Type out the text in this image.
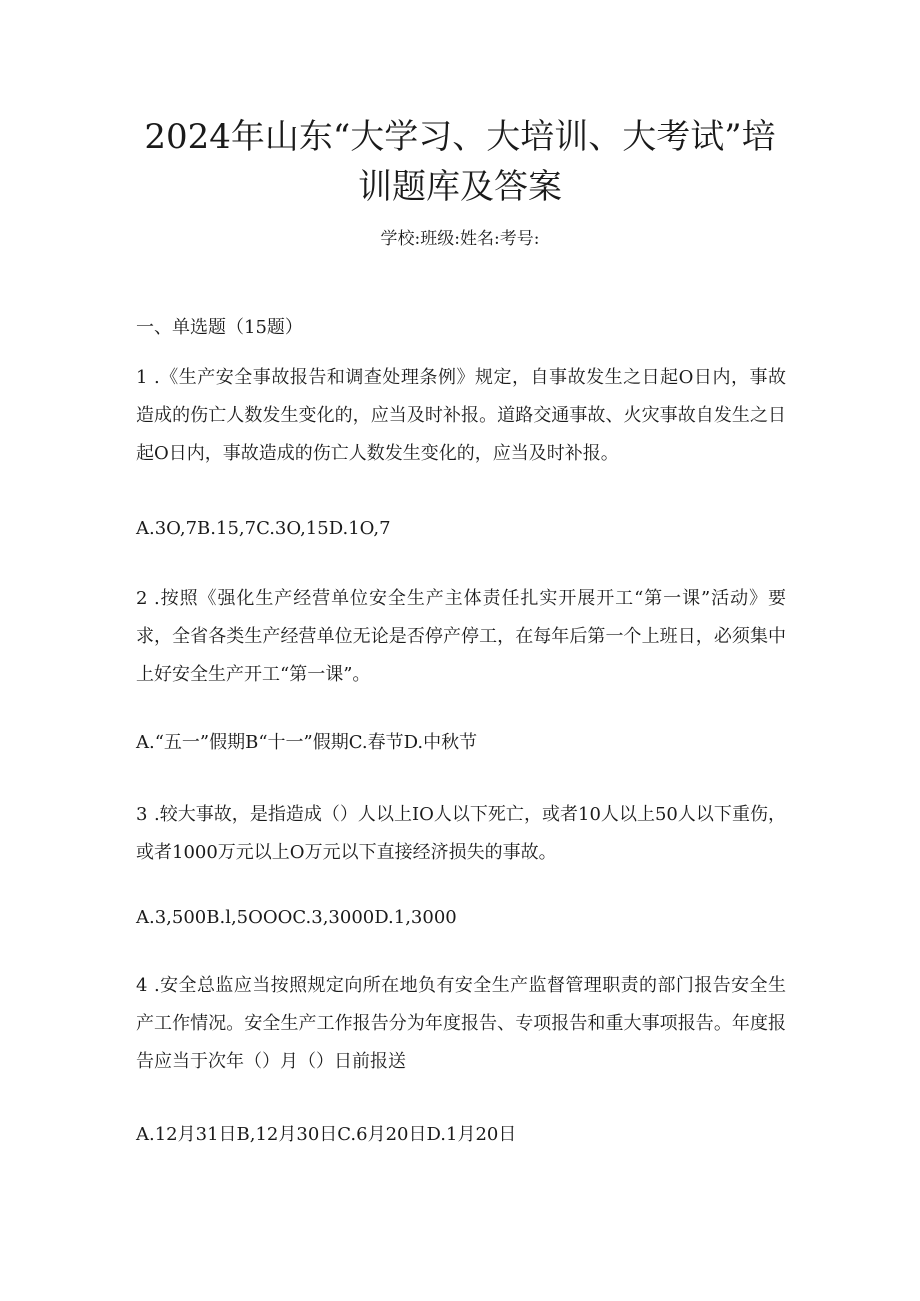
2024年山东“大学习、大培训、大考试”培
训题库及答案
学校:班级:姓名:考号:
一、单选题（15题）

1 .《生产安全事故报告和调查处理条例》规定，自事故发生之日起O日内，事故造成的伤亡人数发生变化的，应当及时补报。道路交通事故、火灾事故自发生之日起O日内，事故造成的伤亡人数发生变化的，应当及时补报。

A.3O,7B.15,7C.3O,15D.1O,7

2 .按照《强化生产经营单位安全生产主体责任扎实开展开工“第一课”活动》要求，全省各类生产经营单位无论是否停产停工，在每年后第一个上班日，必须集中上好安全生产开工“第一课”。

A.“五一”假期B“十一”假期C.春节D.中秋节

3 .较大事故，是指造成（）人以上IO人以下死亡，或者10人以上50人以下重伤，或者1000万元以上O万元以下直接经济损失的事故。

A.3,500B.l,5OOOC.3,3000D.1,3000

4 .安全总监应当按照规定向所在地负有安全生产监督管理职责的部门报告安全生产工作情况。安全生产工作报告分为年度报告、专项报告和重大事项报告。年度报告应当于次年（）月（）日前报送

A.12月31日B,12月30日C.6月20日D.1月20日
